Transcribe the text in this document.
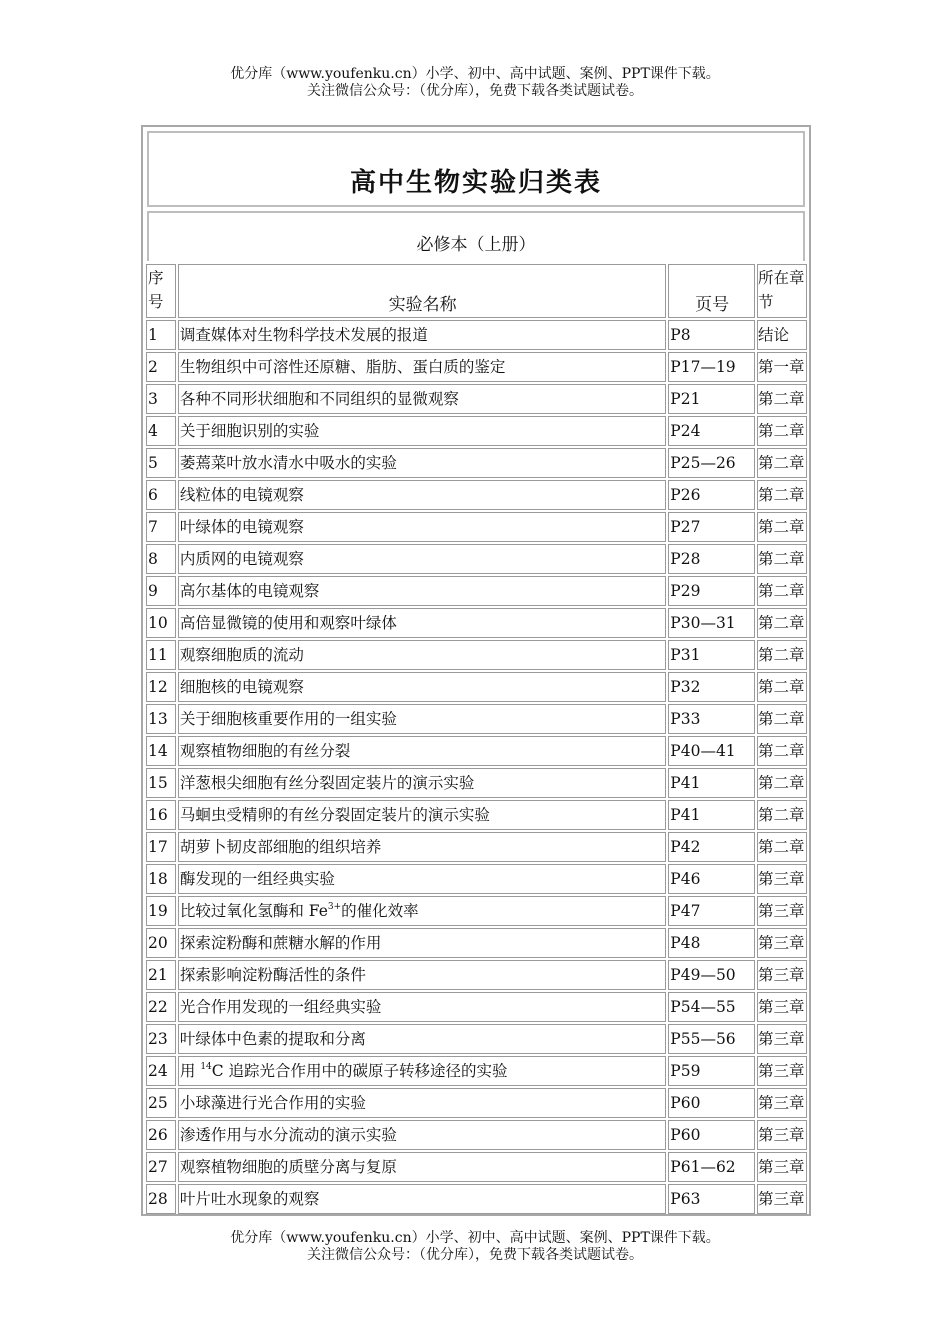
优分库（www.youfenku.cn）小学、初中、高中试题、案例、PPT课件下载。
关注微信公众号：（优分库），免费下载各类试题试卷。
高中生物实验归类表
必修本（上册）
序号	实验名称	页号	所在章节
1	调查媒体对生物科学技术发展的报道	P8	结论
2	生物组织中可溶性还原糖、脂肪、蛋白质的鉴定	P17—19	第一章
3	各种不同形状细胞和不同组织的显微观察	P21	第二章
4	关于细胞识别的实验	P24	第二章
5	萎蔫菜叶放水清水中吸水的实验	P25—26	第二章
6	线粒体的电镜观察	P26	第二章
7	叶绿体的电镜观察	P27	第二章
8	内质网的电镜观察	P28	第二章
9	高尔基体的电镜观察	P29	第二章
10	高倍显微镜的使用和观察叶绿体	P30—31	第二章
11	观察细胞质的流动	P31	第二章
12	细胞核的电镜观察	P32	第二章
13	关于细胞核重要作用的一组实验	P33	第二章
14	观察植物细胞的有丝分裂	P40—41	第二章
15	洋葱根尖细胞有丝分裂固定装片的演示实验	P41	第二章
16	马蛔虫受精卵的有丝分裂固定装片的演示实验	P41	第二章
17	胡萝卜韧皮部细胞的组织培养	P42	第二章
18	酶发现的一组经典实验	P46	第三章
19	比较过氧化氢酶和 $Fe^{3+}$的催化效率	P47	第三章
20	探索淀粉酶和蔗糖水解的作用	P48	第三章
21	探索影响淀粉酶活性的条件	P49—50	第三章
22	光合作用发现的一组经典实验	P54—55	第三章
23	叶绿体中色素的提取和分离	P55—56	第三章
24	用 $^{14}$C 追踪光合作用中的碳原子转移途径的实验	P59	第三章
25	小球藻进行光合作用的实验	P60	第三章
26	渗透作用与水分流动的演示实验	P60	第三章
27	观察植物细胞的质壁分离与复原	P61—62	第三章
28	叶片吐水现象的观察	P63	第三章
优分库（www.youfenku.cn）小学、初中、高中试题、案例、PPT课件下载。
关注微信公众号：（优分库），免费下载各类试题试卷。
